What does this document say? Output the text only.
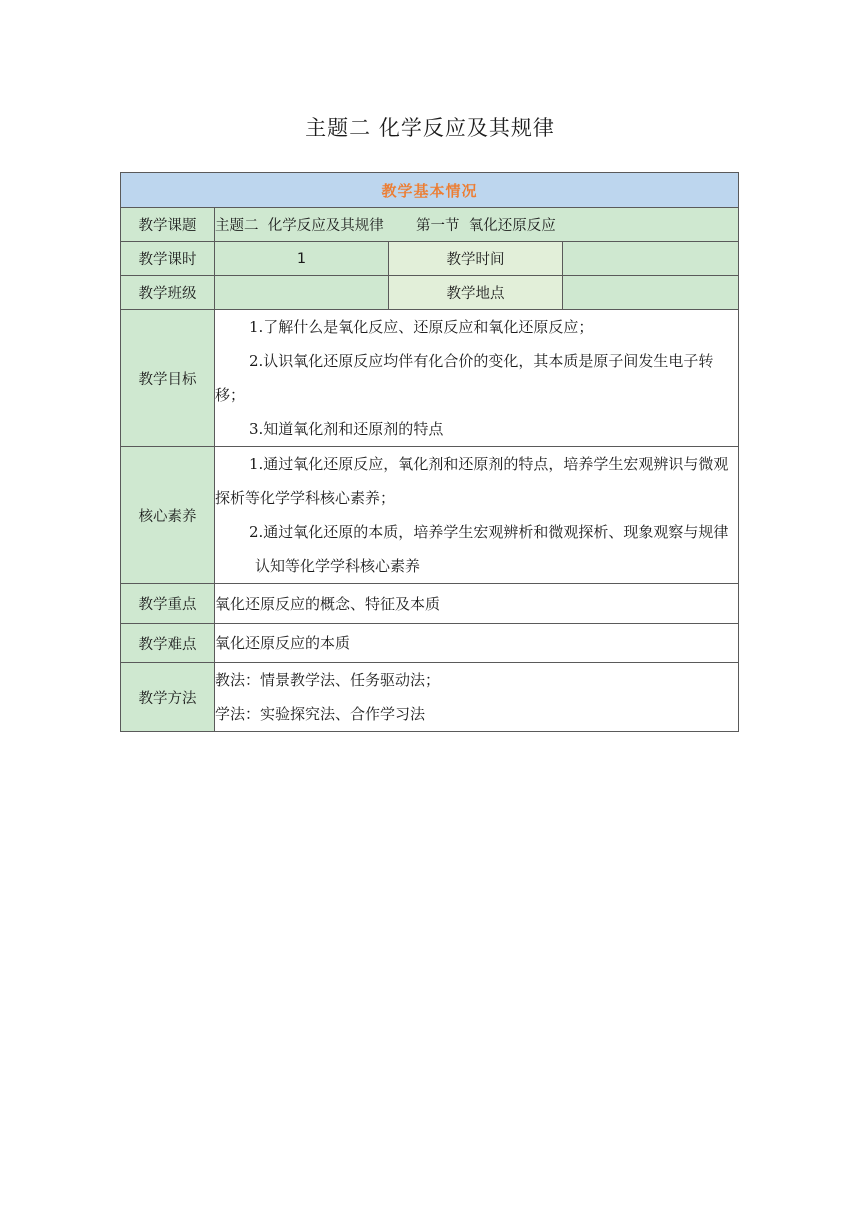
主题二 化学反应及其规律
教学基本情况			
教学课题	主题二  化学反应及其规律       第一节  氧化还原反应		
教学课时	1	教学时间	
教学班级		教学地点	
教学目标	1.了解什么是氧化反应、还原反应和氧化还原反应；

2.认识氧化还原反应均伴有化合价的变化，其本质是原子间发生电子转移；

3.知道氧化剂和还原剂的特点		

核心素养	1.通过氧化还原反应，氧化剂和还原剂的特点，培养学生宏观辨识与微观探析等化学学科核心素养；

2.通过氧化还原的本质，培养学生宏观辨析和微观探析、现象观察与规律认知等化学学科核心素养		

教学重点	氧化还原反应的概念、特征及本质		
教学难点	氧化还原反应的本质		
教学方法	教法：情景教学法、任务驱动法；
学法：实验探究法、合作学习法		
